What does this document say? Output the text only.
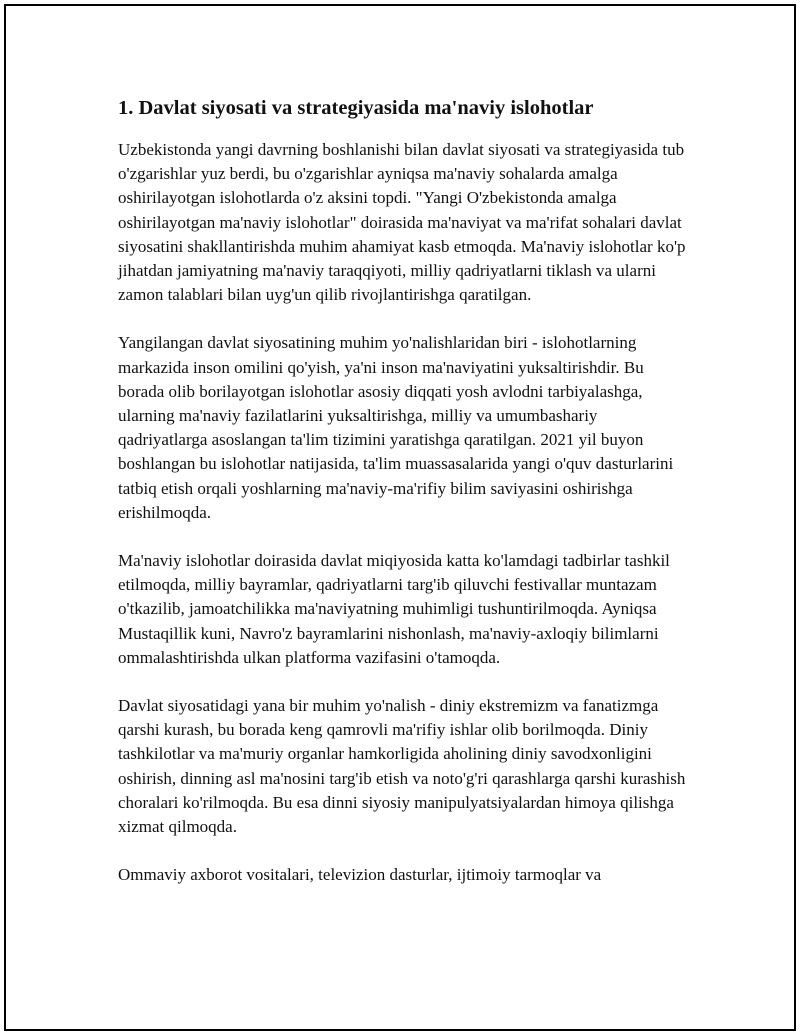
1. Davlat siyosati va strategiyasida ma'naviy islohotlar

Uzbekistonda yangi davrning boshlanishi bilan davlat siyosati va strategiyasida tub o'zgarishlar yuz berdi, bu o'zgarishlar ayniqsa ma'naviy sohalarda amalga oshirilayotgan islohotlarda o'z aksini topdi. "Yangi O'zbekistonda amalga oshirilayotgan ma'naviy islohotlar" doirasida ma'naviyat va ma'rifat sohalari davlat siyosatini shakllantirishda muhim ahamiyat kasb etmoqda. Ma'naviy islohotlar ko'p jihatdan jamiyatning ma'naviy taraqqiyoti, milliy qadriyatlarni tiklash va ularni zamon talablari bilan uyg'un qilib rivojlantirishga qaratilgan.

Yangilangan davlat siyosatining muhim yo'nalishlaridan biri - islohotlarning markazida inson omilini qo'yish, ya'ni inson ma'naviyatini yuksaltirishdir. Bu borada olib borilayotgan islohotlar asosiy diqqati yosh avlodni tarbiyalashga, ularning ma'naviy fazilatlarini yuksaltirishga, milliy va umumbashariy qadriyatlarga asoslangan ta'lim tizimini yaratishga qaratilgan. 2021 yil buyon boshlangan bu islohotlar natijasida, ta'lim muassasalarida yangi o'quv dasturlarini tatbiq etish orqali yoshlarning ma'naviy-ma'rifiy bilim saviyasini oshirishga erishilmoqda.

Ma'naviy islohotlar doirasida davlat miqiyosida katta ko'lamdagi tadbirlar tashkil etilmoqda, milliy bayramlar, qadriyatlarni targ'ib qiluvchi festivallar muntazam o'tkazilib, jamoatchilikka ma'naviyatning muhimligi tushuntirilmoqda. Ayniqsa Mustaqillik kuni, Navro'z bayramlarini nishonlash, ma'naviy-axloqiy bilimlarni ommalashtirishda ulkan platforma vazifasini o'tamoqda.

Davlat siyosatidagi yana bir muhim yo'nalish - diniy ekstremizm va fanatizmga qarshi kurash, bu borada keng qamrovli ma'rifiy ishlar olib borilmoqda. Diniy tashkilotlar va ma'muriy organlar hamkorligida aholining diniy savodxonligini oshirish, dinning asl ma'nosini targ'ib etish va noto'g'ri qarashlarga qarshi kurashish choralari ko'rilmoqda. Bu esa dinni siyosiy manipulyatsiyalardan himoya qilishga xizmat qilmoqda.

Ommaviy axborot vositalari, televizion dasturlar, ijtimoiy tarmoqlar va
